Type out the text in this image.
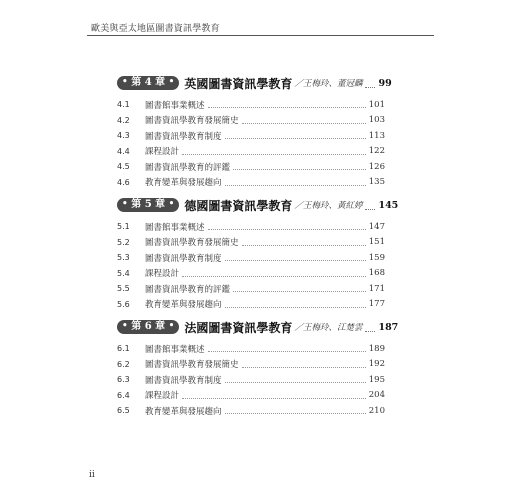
歐美與亞太地區圖書資訊學教育
•
第 4 章
• 英國圖書資訊學教育 ／王梅玲、董冠麟 99
4.1	圖書館事業概述	101
4.2	圖書資訊學教育發展簡史	103
4.3	圖書資訊學教育制度	113
4.4	課程設計	122
4.5	圖書資訊學教育的評鑑	126
4.6	教育變革與發展趨向	135
•
第 5 章
• 德國圖書資訊學教育 ／王梅玲、黃紅婷 145
5.1	圖書館事業概述	147
5.2	圖書資訊學教育發展簡史	151
5.3	圖書資訊學教育制度	159
5.4	課程設計	168
5.5	圖書資訊學教育的評鑑	171
5.6	教育變革與發展趨向	177
•
第 6 章
• 法國圖書資訊學教育 ／王梅玲、江楚雲 187
6.1	圖書館事業概述	189
6.2	圖書資訊學教育發展簡史	192
6.3	圖書資訊學教育制度	195
6.4	課程設計	204
6.5	教育變革與發展趨向	210
ii
